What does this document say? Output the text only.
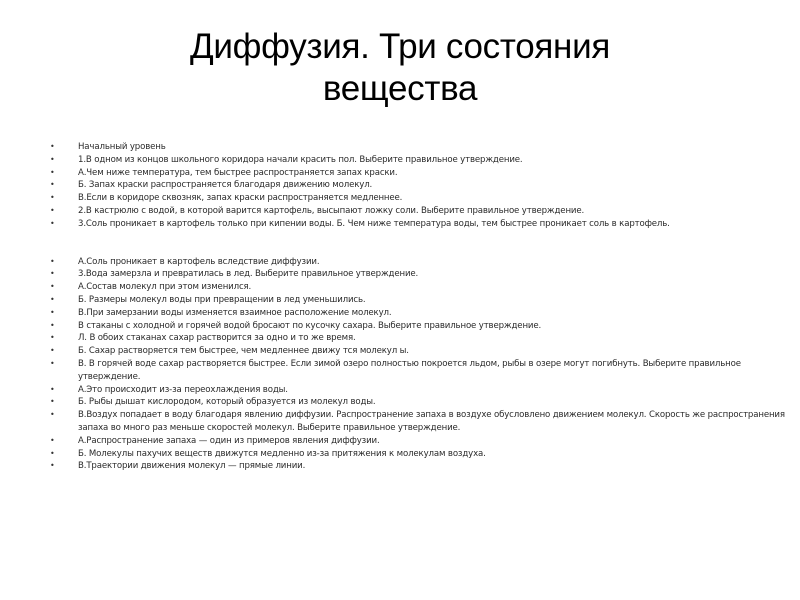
Диффузия. Три состояния
вещества
•	Начальный уровень
•	1.В одном из концов школьного коридора начали красить пол. Выберите правильное утверждение.
•	А.Чем ниже температура, тем быстрее распространяется запах краски.
•	Б. Запах краски распространяется благодаря движению молекул.
•	В.Если в коридоре сквозняк, запах краски распространяется медленнее.
•	2.В кастрюлю с водой, в которой варится картофель, высыпают ложку соли. Выберите правильное утверждение.
•	3.Соль проникает в картофель только при кипении воды. Б. Чем ниже температура воды, тем быстрее проникает соль в картофель.
•	А.Соль проникает в картофель вследствие диффузии.
•	3.Вода замерзла и превратилась в лед. Выберите правильное утверждение.
•	А.Состав молекул при этом изменился.
•	Б. Размеры молекул воды при превращении в лед уменьшились.
•	В.При замерзании воды изменяется взаимное расположение молекул.
•	В стаканы с холодной и горячей водой бросают по кусочку сахара. Выберите правильное утверждение.
•	Л. В обоих стаканах сахар растворится за одно и то же время.
•	Б. Сахар растворяется тем быстрее, чем медленнее движу тся молекул ы.
•	В. В горячей воде сахар растворяется быстрее. Если зимой озеро полностью покроется льдом, рыбы в озере могут погибнуть. Выберите правильное утверждение.
•	А.Это происходит из-за переохлаждения воды.
•	Б. Рыбы дышат кислородом, который образуется из молекул воды.
•	В.Воздух попадает в воду благодаря явлению диффузии. Распространение запаха в воздухе обусловлено движением молекул. Скорость же распространения запаха во много раз меньше скоростей молекул. Выберите правильное утверждение.
•	А.Распространение запаха — один из примеров явления диффузии.
•	Б. Молекулы пахучих веществ движутся медленно из-за притяжения к молекулам воздуха.
•	В.Траектории движения молекул — прямые линии.
